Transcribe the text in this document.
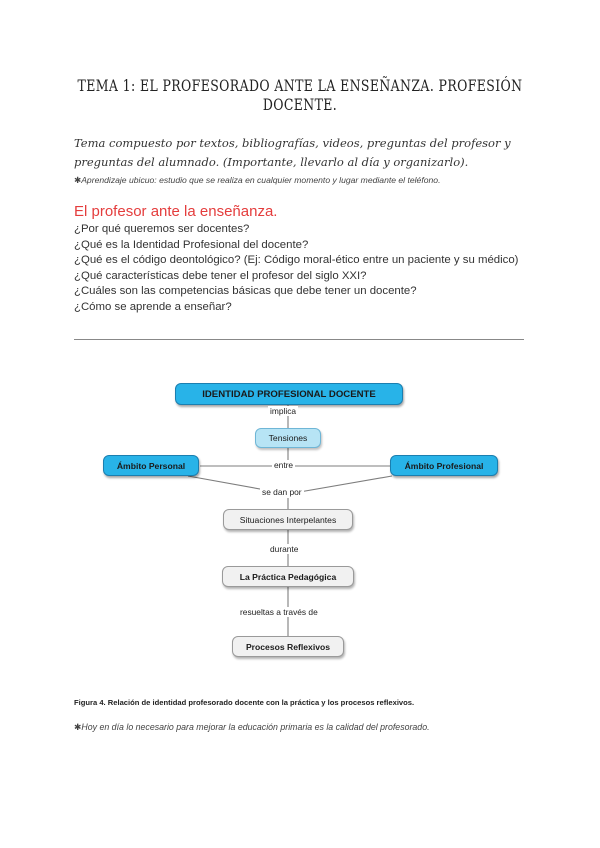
TEMA 1: EL PROFESORADO ANTE LA ENSEÑANZA. PROFESIÓN DOCENTE.
Tema compuesto por textos, bibliografías, videos, preguntas del profesor y preguntas del alumnado. (Importante, llevarlo al día y organizarlo).
✱Aprendizaje ubicuo: estudio que se realiza en cualquier momento y lugar mediante el teléfono.
El profesor ante la enseñanza.
¿Por qué queremos ser docentes?
¿Qué es la Identidad Profesional del docente?
¿Qué es el código deontológico? (Ej: Código moral-ético entre un paciente y su médico)
¿Qué características debe tener el profesor del siglo XXI?
¿Cuáles son las competencias básicas que debe tener un docente?
¿Cómo se aprende a enseñar?
IDENTIDAD PROFESIONAL DOCENTE
implica
Tensiones
Ámbito Personal	entre	Ámbito Profesional
se dan por
Situaciones Interpelantes
durante
La Práctica Pedagógica
resueltas a través de
Procesos Reflexivos
Figura 4. Relación de identidad profesorado docente con la práctica y los procesos reflexivos.
✱Hoy en día lo necesario para mejorar la educación primaria es la calidad del profesorado.
